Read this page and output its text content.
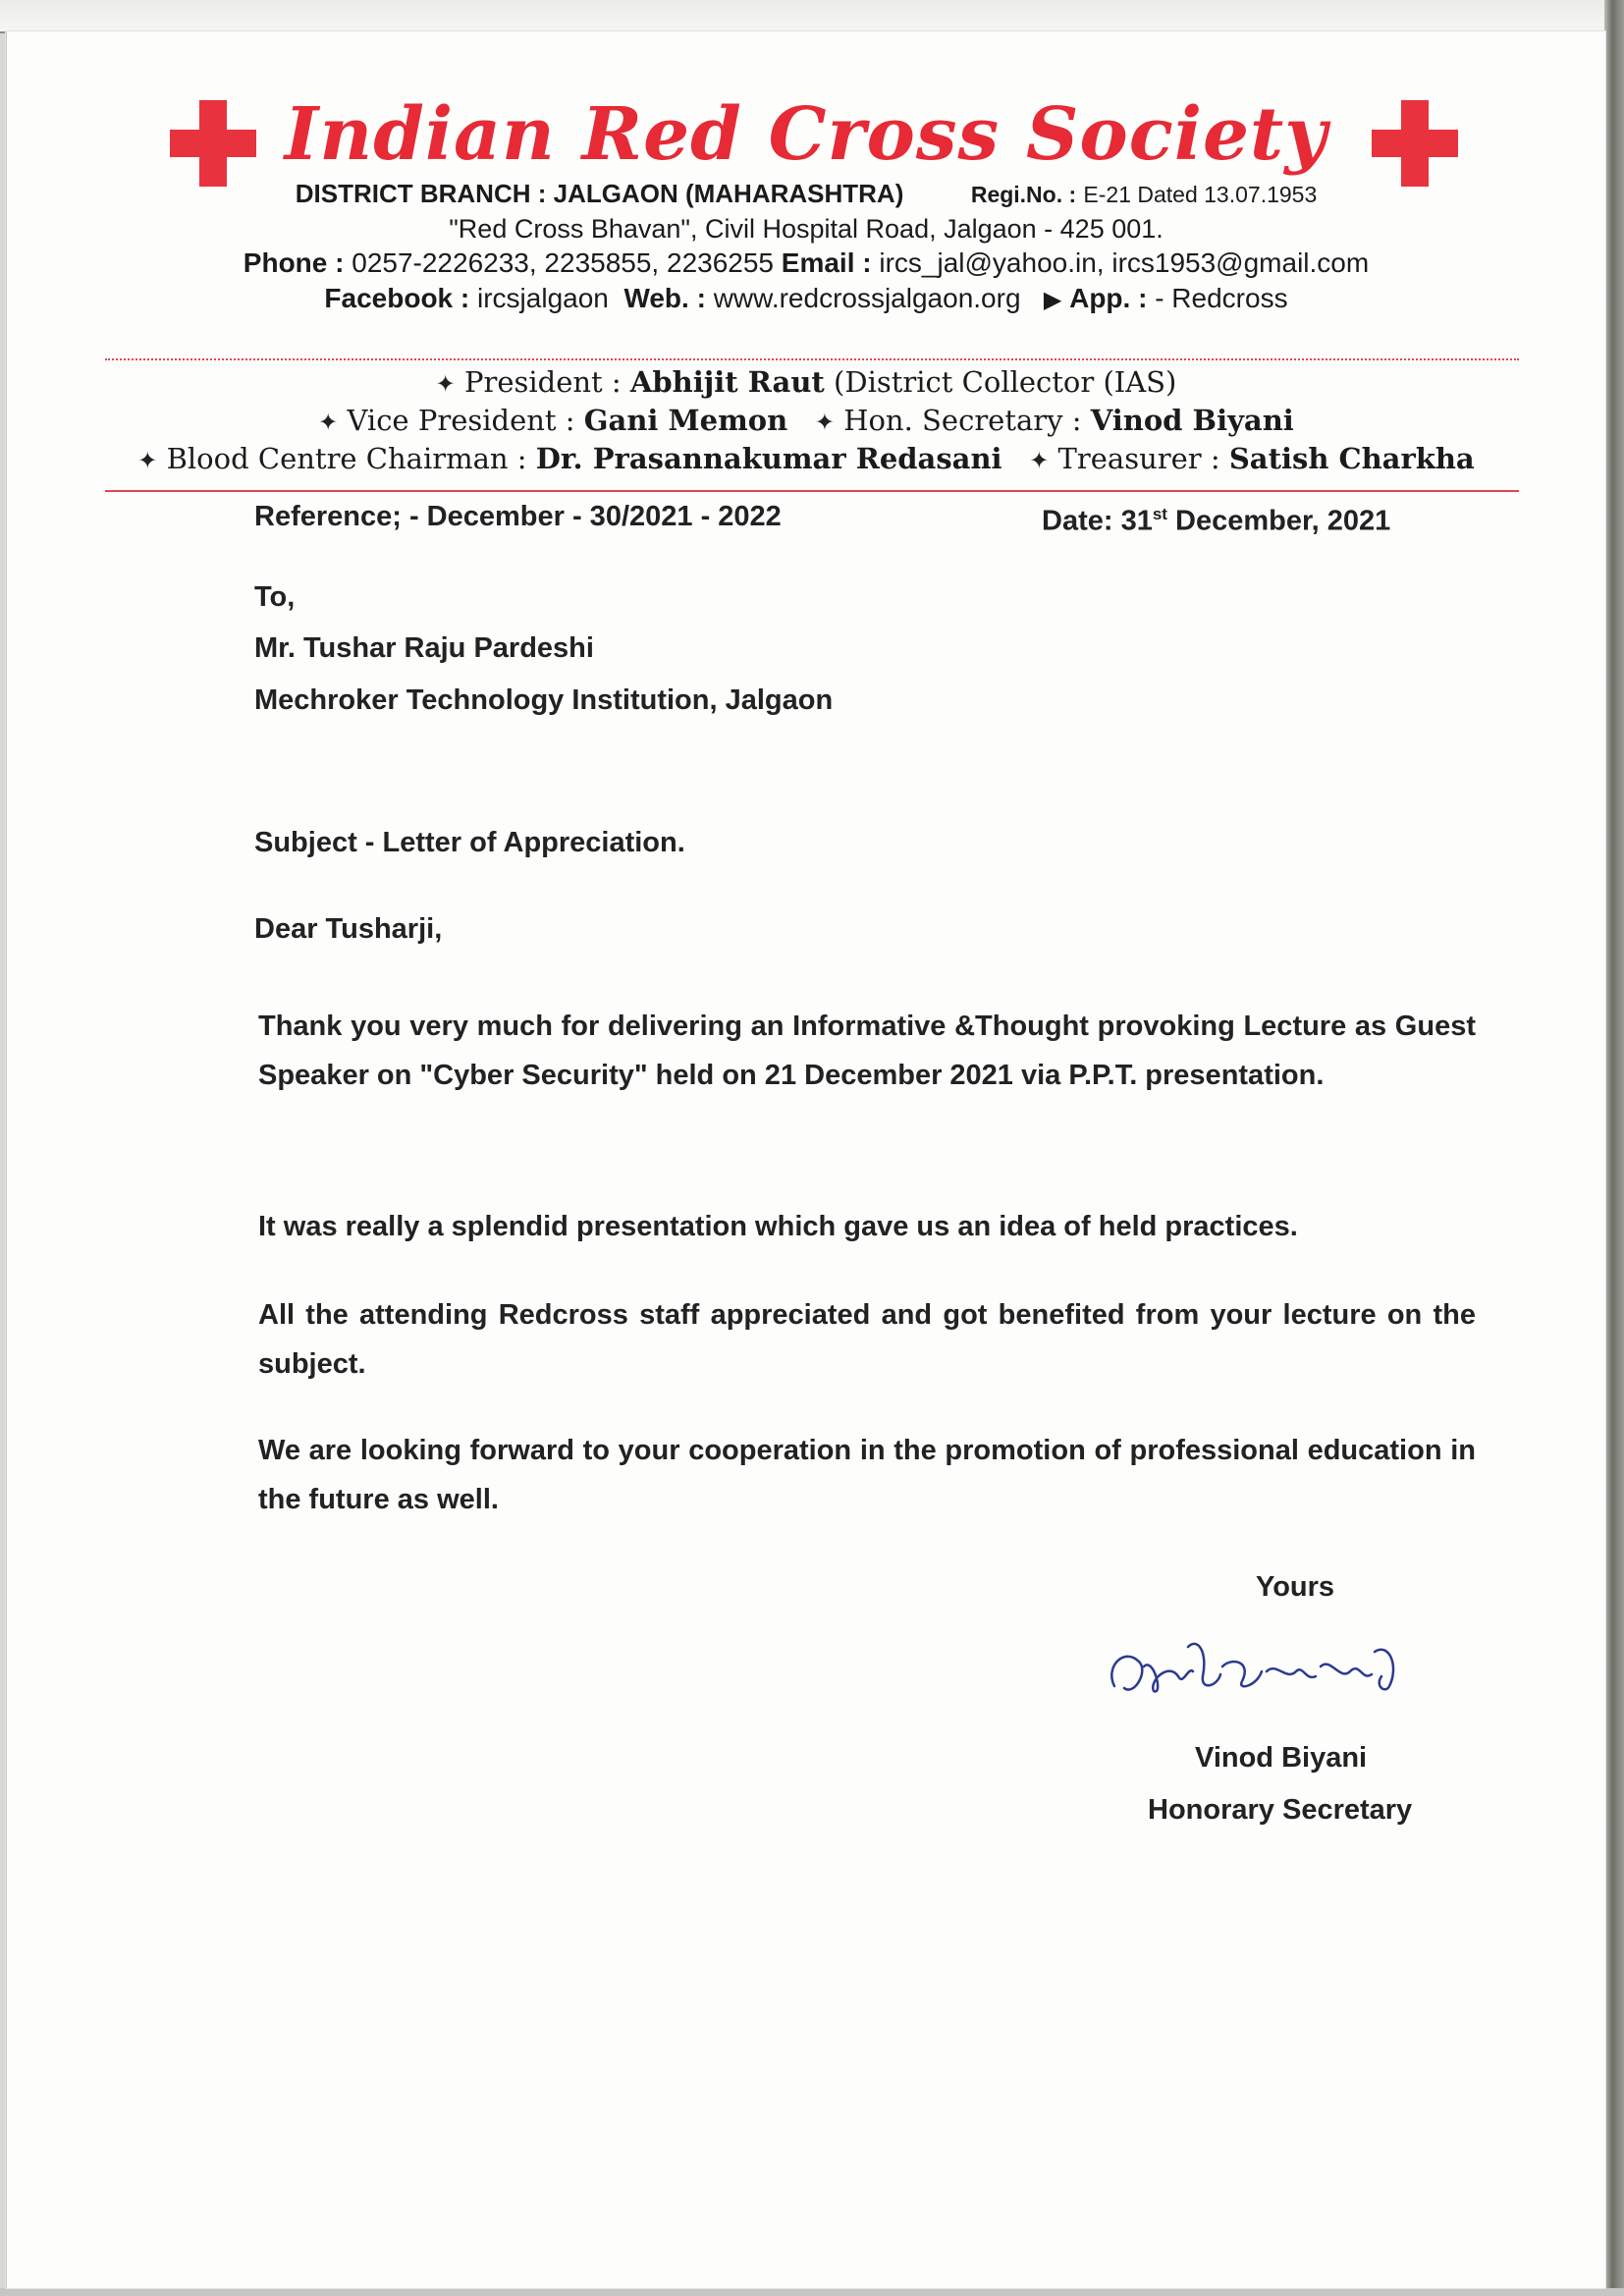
Indian Red Cross Society
DISTRICT BRANCH : JALGAON (MAHARASHTRA)	Regi.No. : E-21 Dated 13.07.1953
"Red Cross Bhavan", Civil Hospital Road, Jalgaon - 425 001.
Phone : 0257-2226233, 2235855, 2236255 Email : ircs_jal@yahoo.in, ircs1953@gmail.com
Facebook : ircsjalgaon Web. : www.redcrossjalgaon.org ▶ App. : - Redcross
✦ President : Abhijit Raut (District Collector (IAS)
✦ Vice President : Gani Memon ✦ Hon. Secretary : Vinod Biyani
✦ Blood Centre Chairman : Dr. Prasannakumar Redasani ✦ Treasurer : Satish Charkha
Reference; - December - 30/2021 - 2022	Date: 31st December, 2021
To,
Mr. Tushar Raju Pardeshi
Mechroker Technology Institution, Jalgaon
Subject - Letter of Appreciation.
Dear Tusharji,
Thank you very much for delivering an Informative &Thought provoking Lecture as Guest Speaker on "Cyber Security" held on 21 December 2021 via P.P.T. presentation.
It was really a splendid presentation which gave us an idea of held practices.
All the attending Redcross staff appreciated and got benefited from your lecture on the subject.
We are looking forward to your cooperation in the promotion of professional education in the future as well.
Yours
Vinod Biyani
Honorary Secretary
